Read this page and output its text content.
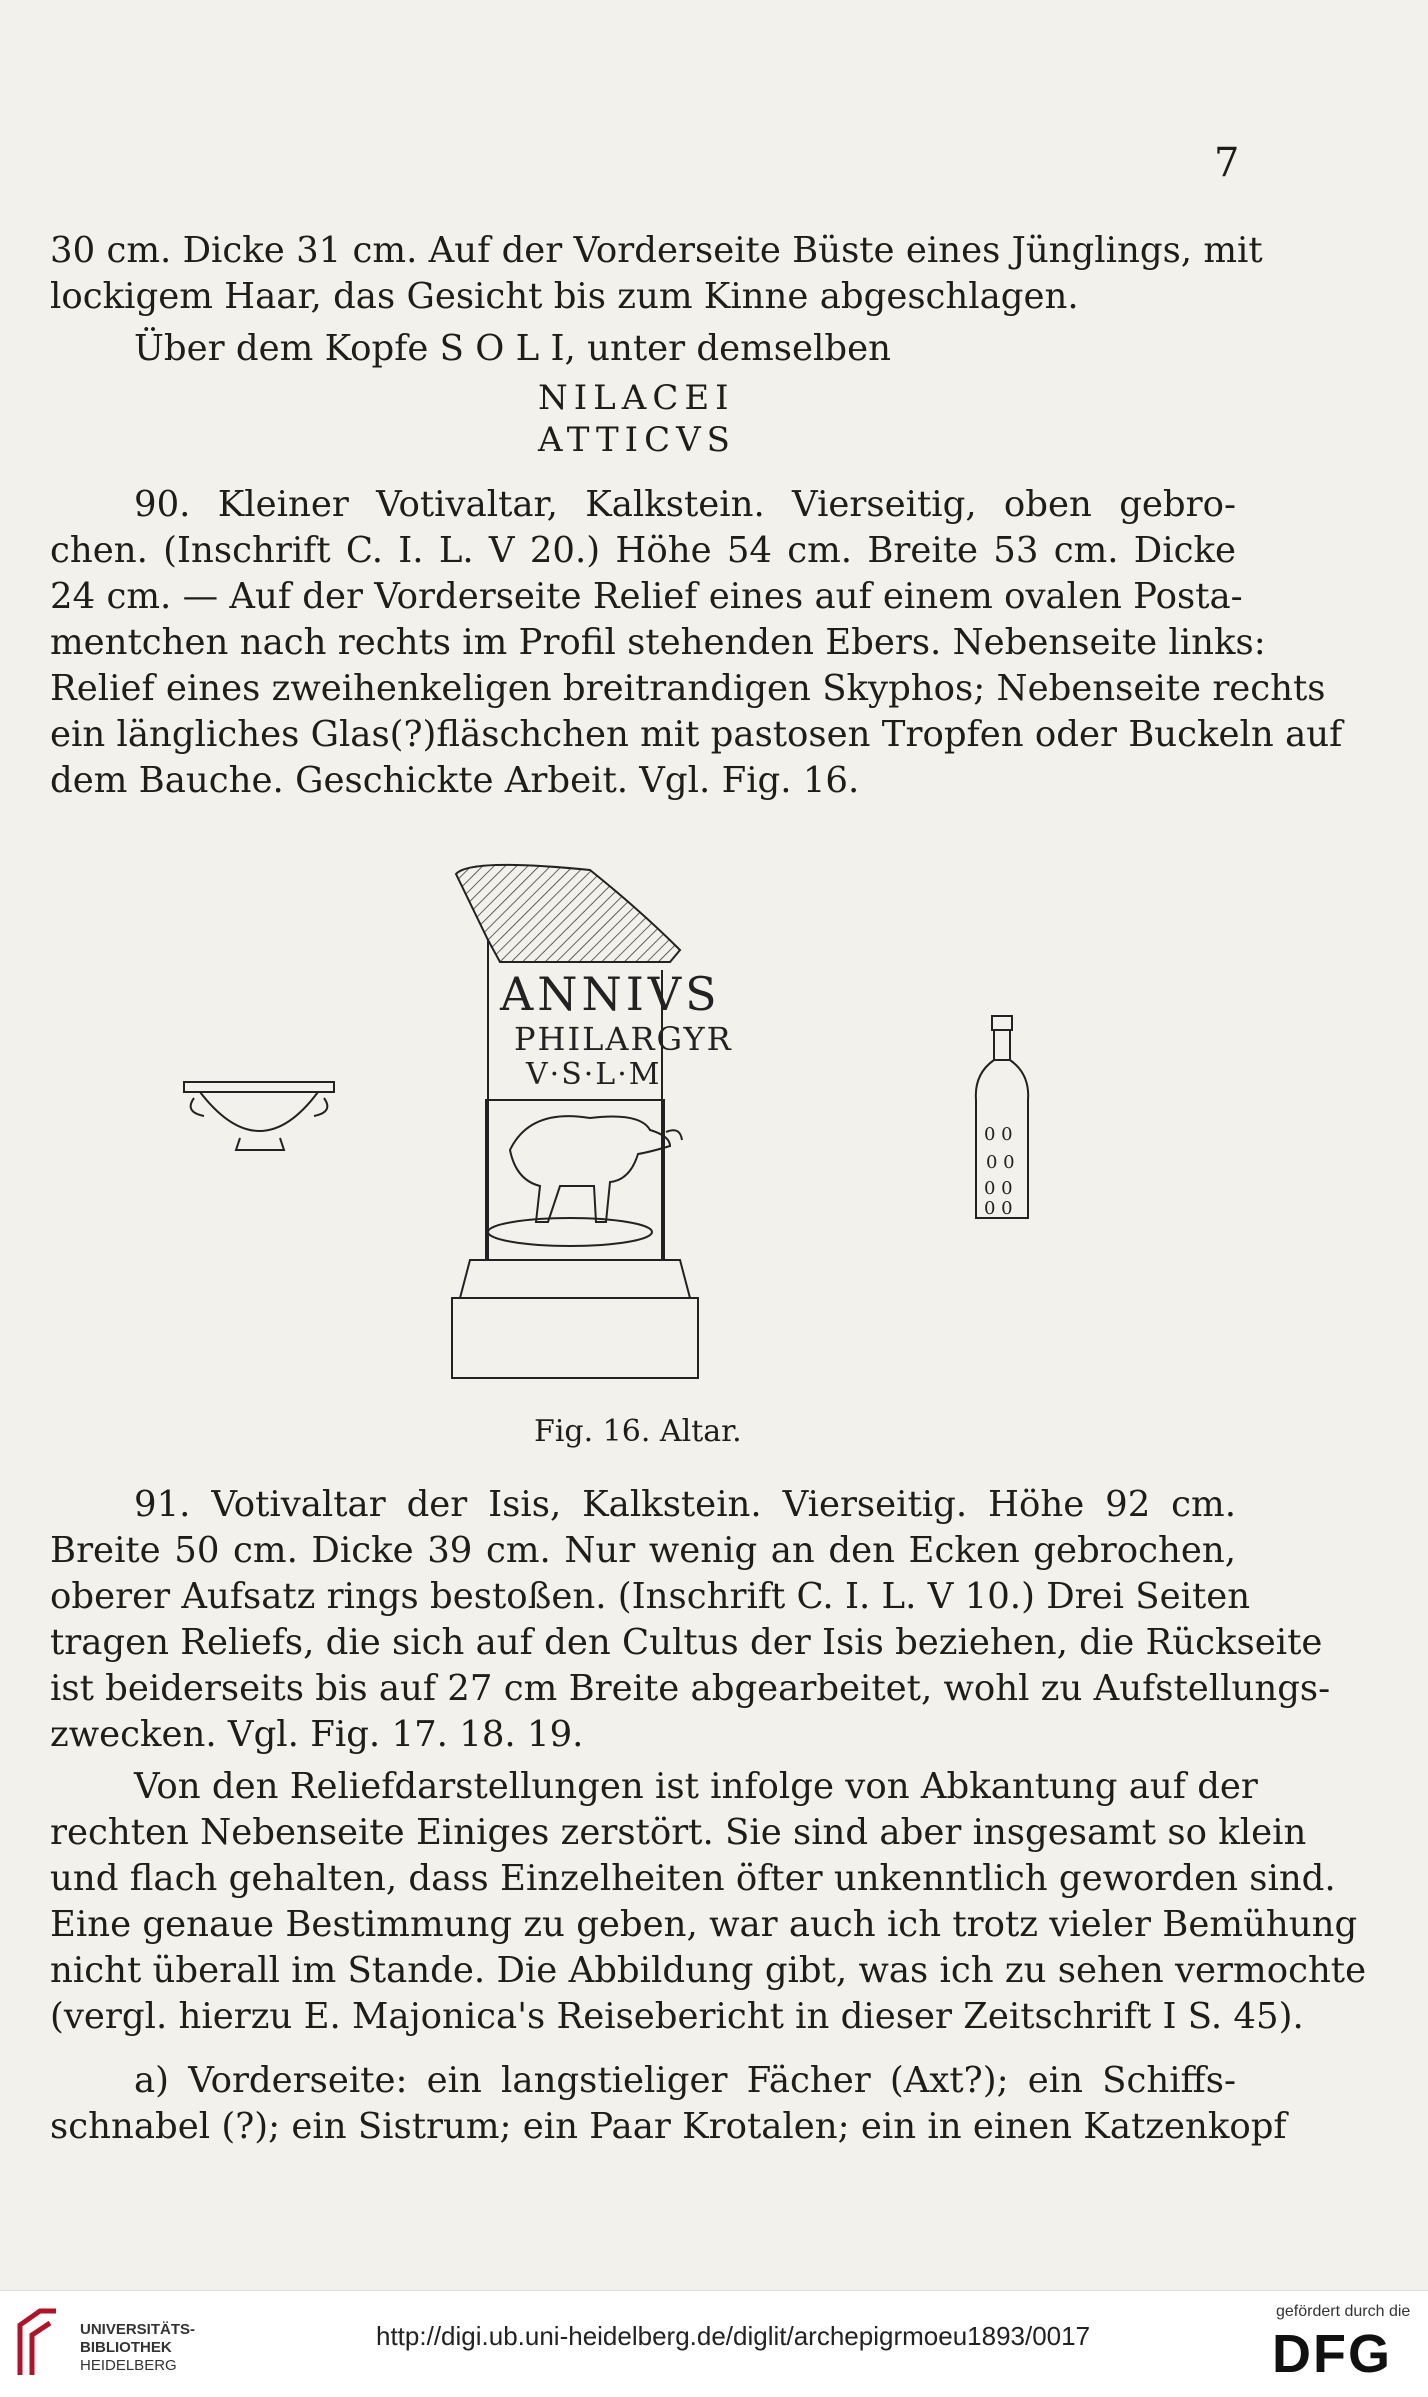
7
30 cm. Dicke 31 cm. Auf der Vorderseite Büste eines Jünglings, mit
lockigem Haar, das Gesicht bis zum Kinne abgeschlagen.
Über dem Kopfe S O L I, unter demselben
NILACEI
ATTICVS
90. Kleiner Votivaltar, Kalkstein. Vierseitig, oben gebro-
chen. (Inschrift C. I. L. V 20.) Höhe 54 cm. Breite 53 cm. Dicke
24 cm. — Auf der Vorderseite Relief eines auf einem ovalen Posta-
mentchen nach rechts im Profil stehenden Ebers. Nebenseite links:
Relief eines zweihenkeligen breitrandigen Skyphos; Nebenseite rechts
ein längliches Glas(?)fläschchen mit pastosen Tropfen oder Buckeln auf
dem Bauche. Geschickte Arbeit. Vgl. Fig. 16.
ANNIVS
PHILARGYR
V·S·L·M
0 0
0 0
0 0
0 0
Fig. 16. Altar.
91. Votivaltar der Isis, Kalkstein. Vierseitig. Höhe 92 cm.
Breite 50 cm. Dicke 39 cm. Nur wenig an den Ecken gebrochen,
oberer Aufsatz rings bestoßen. (Inschrift C. I. L. V 10.) Drei Seiten
tragen Reliefs, die sich auf den Cultus der Isis beziehen, die Rückseite
ist beiderseits bis auf 27 cm Breite abgearbeitet, wohl zu Aufstellungs-
zwecken. Vgl. Fig. 17. 18. 19.
Von den Reliefdarstellungen ist infolge von Abkantung auf der
rechten Nebenseite Einiges zerstört. Sie sind aber insgesamt so klein
und flach gehalten, dass Einzelheiten öfter unkenntlich geworden sind.
Eine genaue Bestimmung zu geben, war auch ich trotz vieler Bemühung
nicht überall im Stande. Die Abbildung gibt, was ich zu sehen vermochte
(vergl. hierzu E. Majonica's Reisebericht in dieser Zeitschrift I S. 45).
a) Vorderseite: ein langstieliger Fächer (Axt?); ein Schiffs-
schnabel (?); ein Sistrum; ein Paar Krotalen; ein in einen Katzenkopf
UNIVERSITÄTS-
BIBLIOTHEK
HEIDELBERG
http://digi.ub.uni-heidelberg.de/diglit/archepigrmoeu1893/0017
gefördert durch die
DFG
